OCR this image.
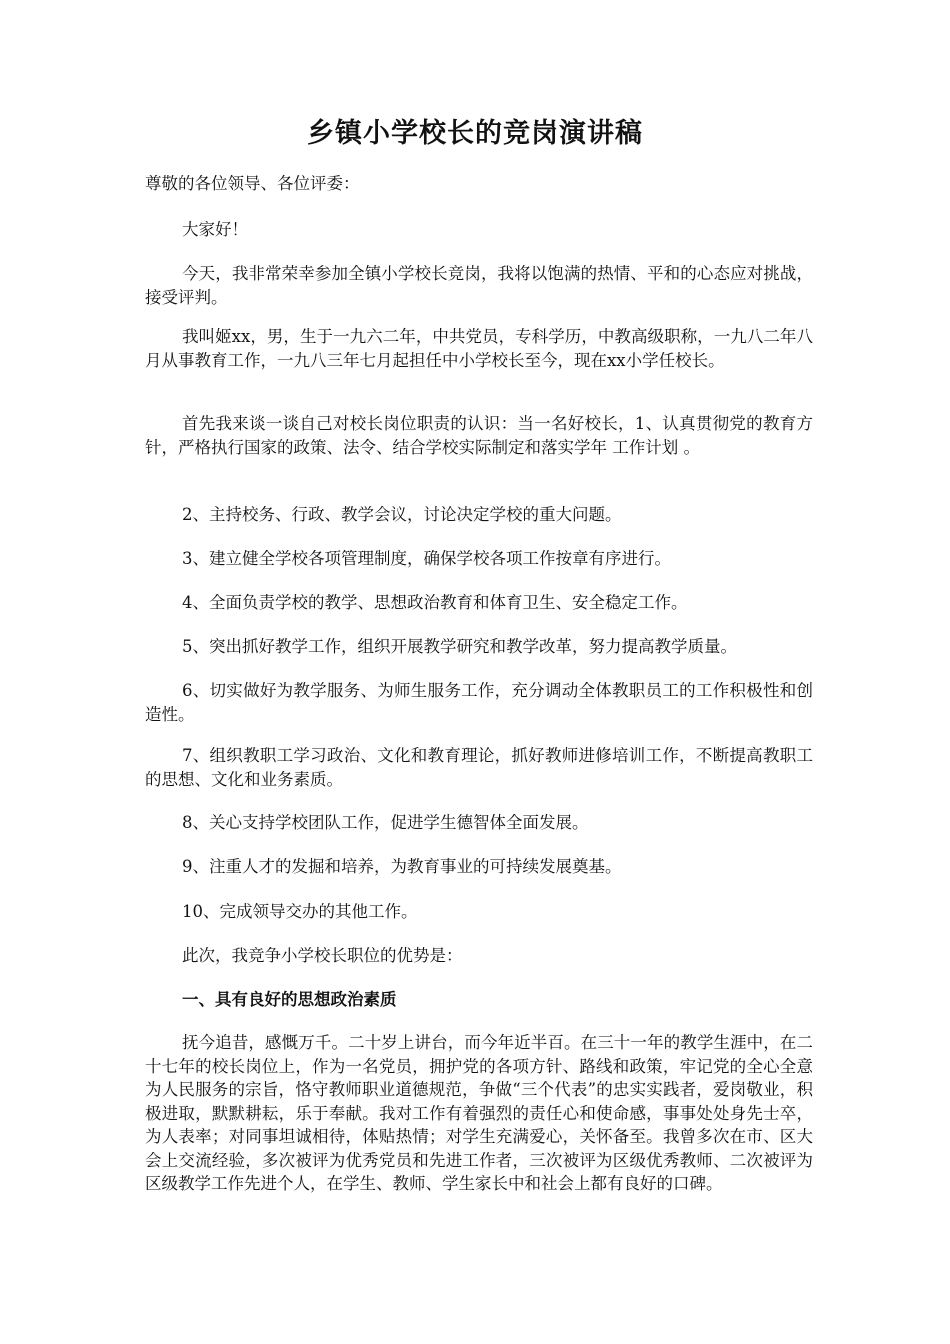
乡镇小学校长的竞岗演讲稿

尊敬的各位领导、各位评委：

大家好！

今天，我非常荣幸参加全镇小学校长竞岗，我将以饱满的热情、平和的心态应对挑战，接受评判。

我叫姬xx，男，生于一九六二年，中共党员，专科学历，中教高级职称，一九八二年八月从事教育工作，一九八三年七月起担任中小学校长至今，现在xx小学任校长。

首先我来谈一谈自己对校长岗位职责的认识：当一名好校长，1、认真贯彻党的教育方针，严格执行国家的政策、法令、结合学校实际制定和落实学年 工作计划 。

2、主持校务、行政、教学会议，讨论决定学校的重大问题。

3、建立健全学校各项管理制度，确保学校各项工作按章有序进行。

4、全面负责学校的教学、思想政治教育和体育卫生、安全稳定工作。

5、突出抓好教学工作，组织开展教学研究和教学改革，努力提高教学质量。

6、切实做好为教学服务、为师生服务工作，充分调动全体教职员工的工作积极性和创造性。

7、组织教职工学习政治、文化和教育理论，抓好教师进修培训工作，不断提高教职工的思想、文化和业务素质。

8、关心支持学校团队工作，促进学生德智体全面发展。

9、注重人才的发掘和培养，为教育事业的可持续发展奠基。

10、完成领导交办的其他工作。

此次，我竞争小学校长职位的优势是：

一、具有良好的思想政治素质

抚今追昔，感慨万千。二十岁上讲台，而今年近半百。在三十一年的教学生涯中，在二十七年的校长岗位上，作为一名党员，拥护党的各项方针、路线和政策，牢记党的全心全意为人民服务的宗旨，恪守教师职业道德规范，争做“三个代表”的忠实实践者，爱岗敬业，积极进取，默默耕耘，乐于奉献。我对工作有着强烈的责任心和使命感，事事处处身先士卒，为人表率；对同事坦诚相待，体贴热情；对学生充满爱心，关怀备至。我曾多次在市、区大会上交流经验，多次被评为优秀党员和先进工作者，三次被评为区级优秀教师、二次被评为区级教学工作先进个人，在学生、教师、学生家长中和社会上都有良好的口碑。
